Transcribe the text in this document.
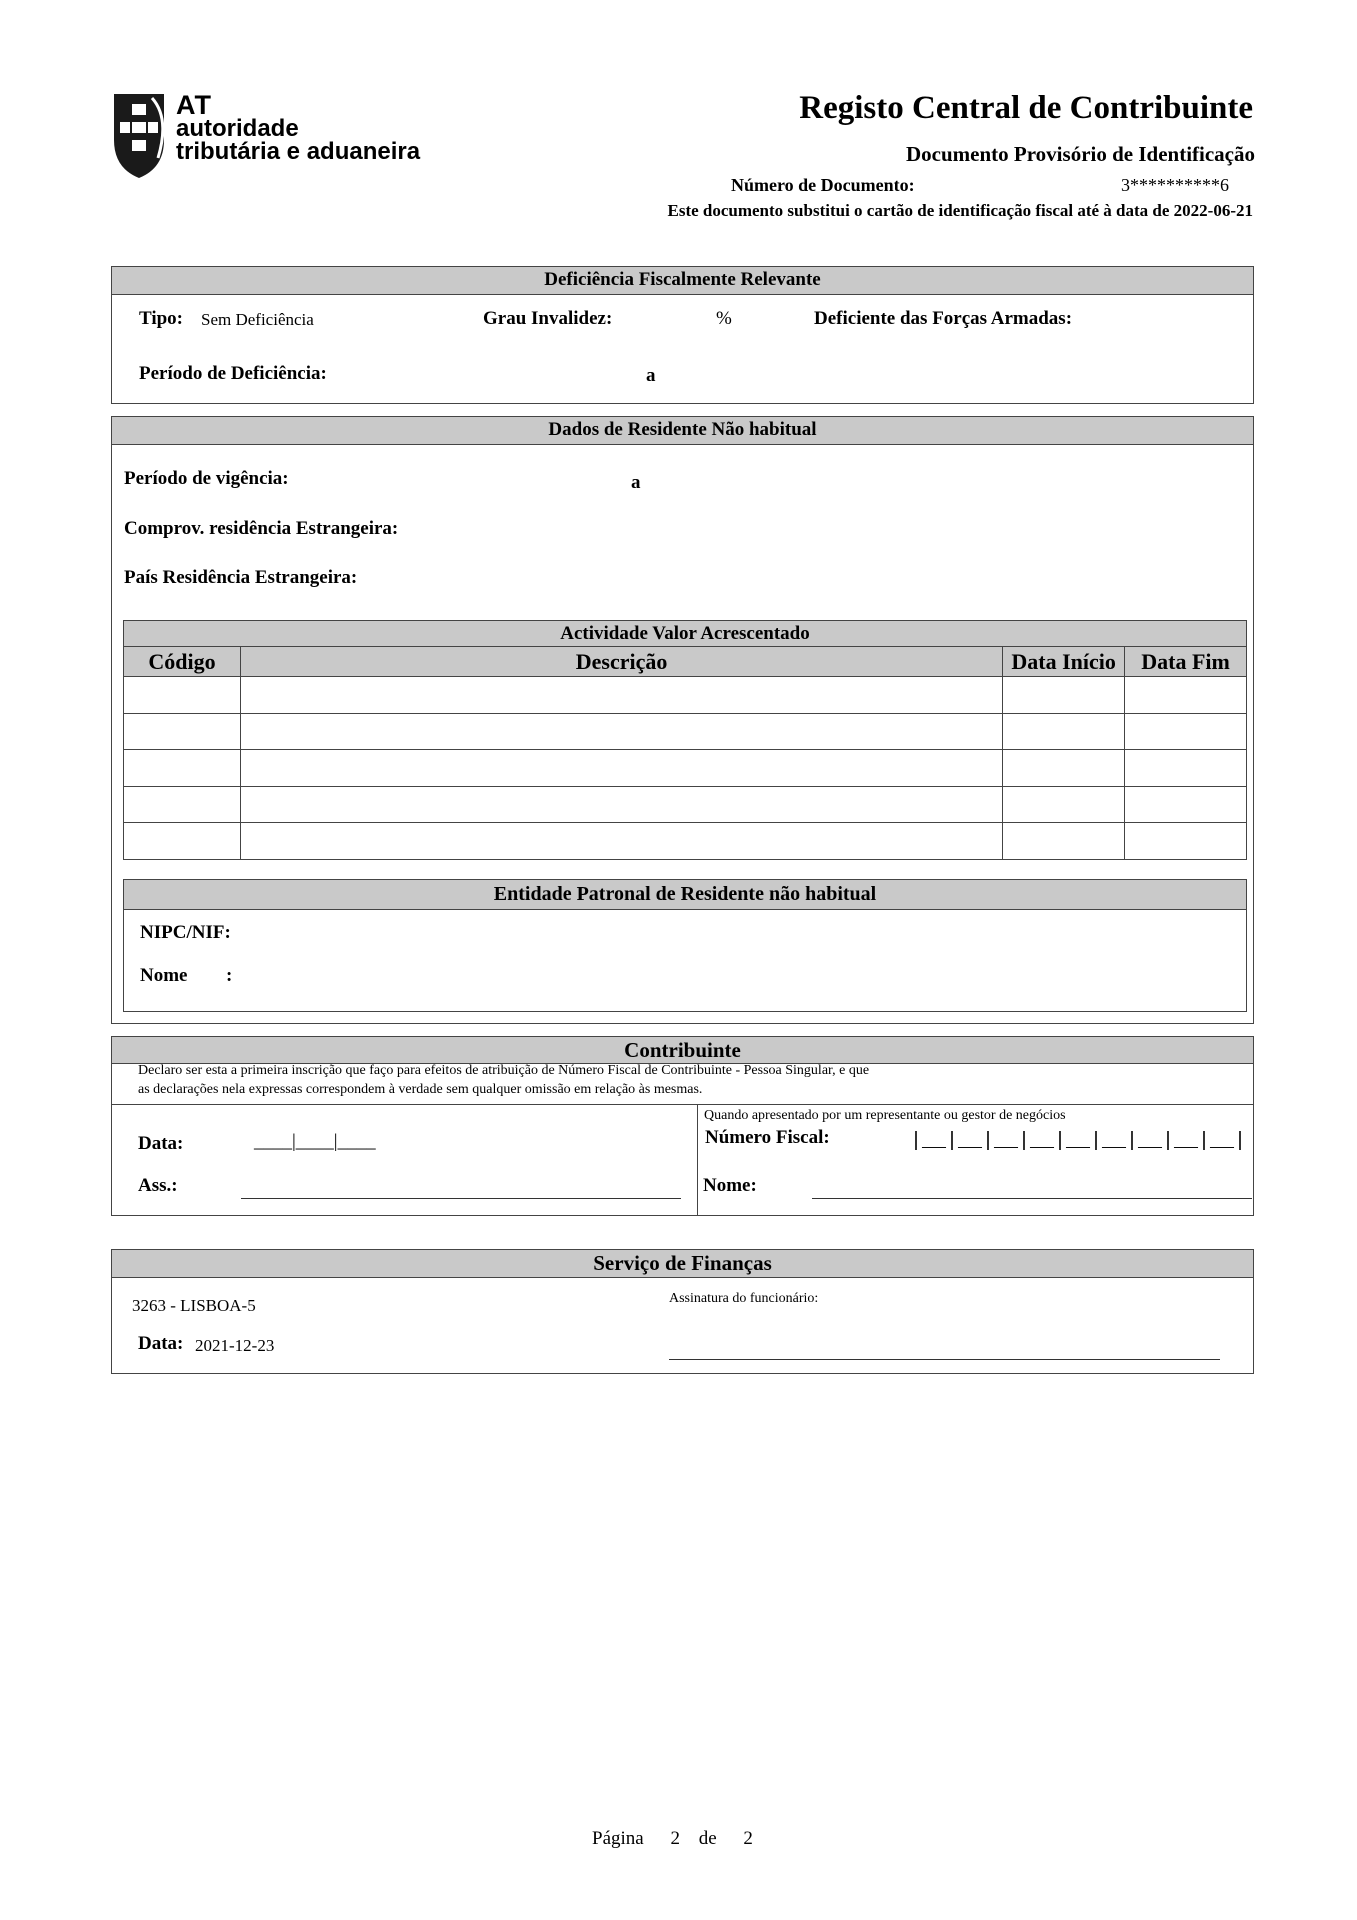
AT
autoridade
tributária e aduaneira
Registo Central de Contribuinte
Documento Provisório de Identificação
Número de Documento:	3**********6
Este documento substitui o cartão de identificação fiscal até à data de 2022-06-21
Deficiência Fiscalmente Relevante
Tipo: Sem Deficiência	Grau Invalidez:	%	Deficiente das Forças Armadas:
Período de Deficiência:	a
Dados de Residente Não habitual
Período de vigência:	a
Comprov. residência Estrangeira:
País Residência Estrangeira:
Actividade Valor Acrescentado			
Código	Descrição	Data Início	Data Fim

Entidade Patronal de Residente não habitual
NIPC/NIF:
Nome :
Contribuinte
Declaro ser esta a primeira inscrição que faço para efeitos de atribuição de Número Fiscal de Contribuinte - Pessoa Singular, e que
as declarações nela expressas correspondem à verdade sem qualquer omissão em relação às mesmas.
Data:	____|____|____
Ass.:
Quando apresentado por um representante ou gestor de negócios
Número Fiscal:	|__|__|__|__|__|__|__|__|__|
Nome:
Serviço de Finanças
3263 - LISBOA-5
Data: 2021-12-23
Assinatura do funcionário:
Página 2 de 2
